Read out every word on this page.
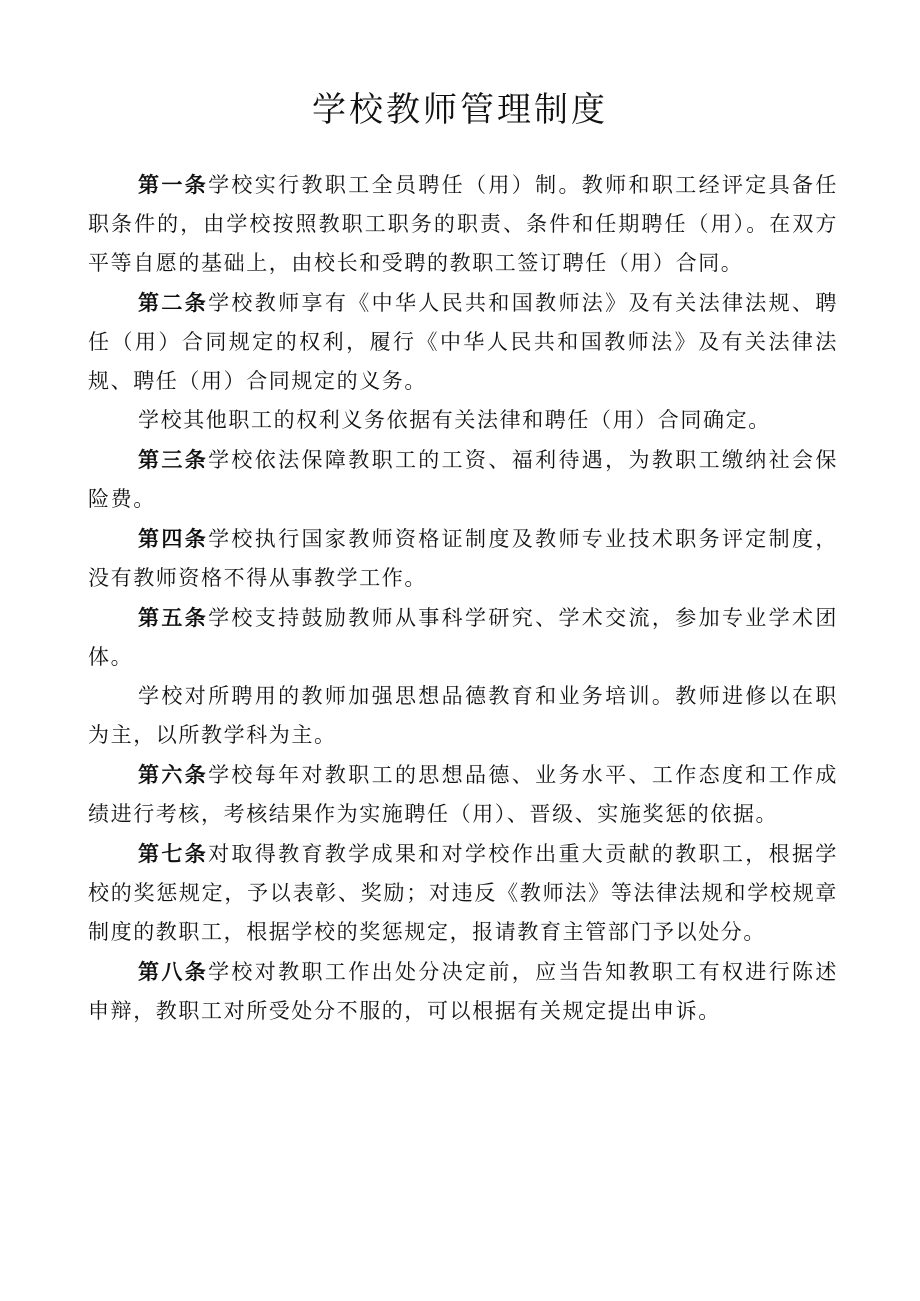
学校教师管理制度

第一条学校实行教职工全员聘任（用）制。教师和职工经评定具备任职条件的，由学校按照教职工职务的职责、条件和任期聘任（用）。在双方平等自愿的基础上，由校长和受聘的教职工签订聘任（用）合同。

第二条学校教师享有《中华人民共和国教师法》及有关法律法规、聘任（用）合同规定的权利，履行《中华人民共和国教师法》及有关法律法规、聘任（用）合同规定的义务。

学校其他职工的权利义务依据有关法律和聘任（用）合同确定。

第三条学校依法保障教职工的工资、福利待遇，为教职工缴纳社会保险费。

第四条学校执行国家教师资格证制度及教师专业技术职务评定制度，没有教师资格不得从事教学工作。

第五条学校支持鼓励教师从事科学研究、学术交流，参加专业学术团体。

学校对所聘用的教师加强思想品德教育和业务培训。教师进修以在职为主，以所教学科为主。

第六条学校每年对教职工的思想品德、业务水平、工作态度和工作成绩进行考核，考核结果作为实施聘任（用）、晋级、实施奖惩的依据。

第七条对取得教育教学成果和对学校作出重大贡献的教职工，根据学校的奖惩规定，予以表彰、奖励；对违反《教师法》等法律法规和学校规章制度的教职工，根据学校的奖惩规定，报请教育主管部门予以处分。

第八条学校对教职工作出处分决定前，应当告知教职工有权进行陈述申辩，教职工对所受处分不服的，可以根据有关规定提出申诉。
